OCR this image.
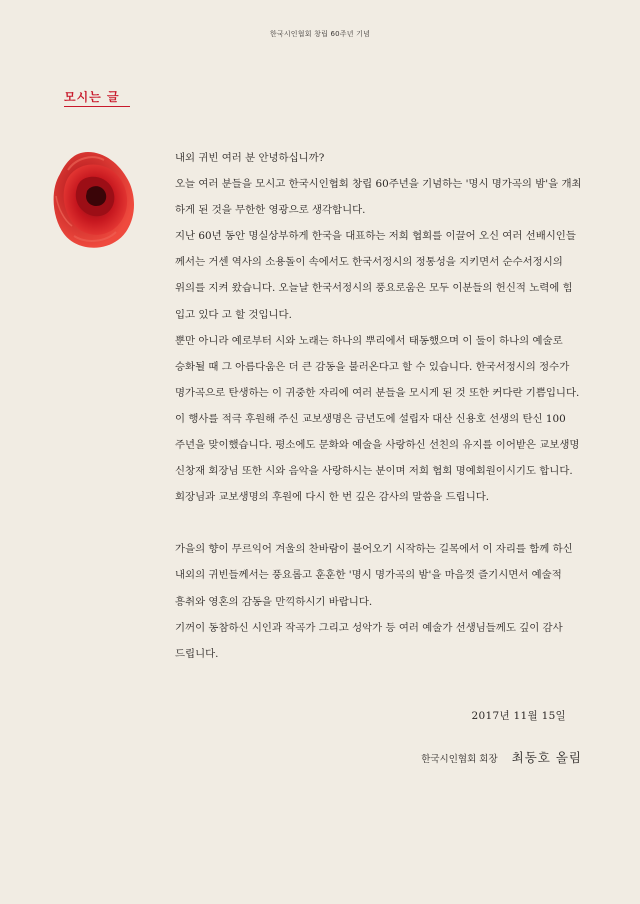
한국시인협회 창립 60주년 기념
모시는 글
내외 귀빈 여러 분 안녕하십니까?
오늘 여러 분들을 모시고 한국시인협회 창립 60주년을 기념하는 '명시 명가곡의 밤'을 개최
하게 된 것을 무한한 영광으로 생각합니다.
지난 60년 동안 명실상부하게 한국을 대표하는 저희 협회를 이끌어 오신 여러 선배시인들
께서는 거센 역사의 소용돌이 속에서도 한국서정시의 정통성을 지키면서 순수서정시의
위의를 지켜 왔습니다. 오늘날 한국서정시의 풍요로움은 모두 이분들의 헌신적 노력에 힘
입고 있다 고 할 것입니다.
뿐만 아니라 예로부터 시와 노래는 하나의 뿌리에서 태동했으며 이 둘이 하나의 예술로
승화될 때 그 아름다움은 더 큰 감동을 불러온다고 할 수 있습니다. 한국서정시의 정수가
명가곡으로 탄생하는 이 귀중한 자리에 여러 분들을 모시게 된 것 또한 커다란 기쁨입니다.
이 행사를 적극 후원해 주신 교보생명은 금년도에 설립자 대산 신용호 선생의 탄신 100
주년을 맞이했습니다. 평소에도 문화와 예술을 사랑하신 선친의 유지를 이어받은 교보생명
신창재 회장님 또한 시와 음악을 사랑하시는 분이며 저희 협회 명예회원이시기도 합니다.
회장님과 교보생명의 후원에 다시 한 번 깊은 감사의 말씀을 드립니다.
가을의 향이 무르익어 겨울의 찬바람이 불어오기 시작하는 길목에서 이 자리를 함께 하신
내외의 귀빈들께서는 풍요롭고 훈훈한 '명시 명가곡의 밤'을 마음껏 즐기시면서 예술적
흥취와 영혼의 감동을 만끽하시기 바랍니다.
기꺼이 동참하신 시인과 작곡가 그리고 성악가 등 여러 예술가 선생님들께도 깊이 감사
드립니다.
2017년 11월 15일
한국시인협회 회장 최동호 올림
